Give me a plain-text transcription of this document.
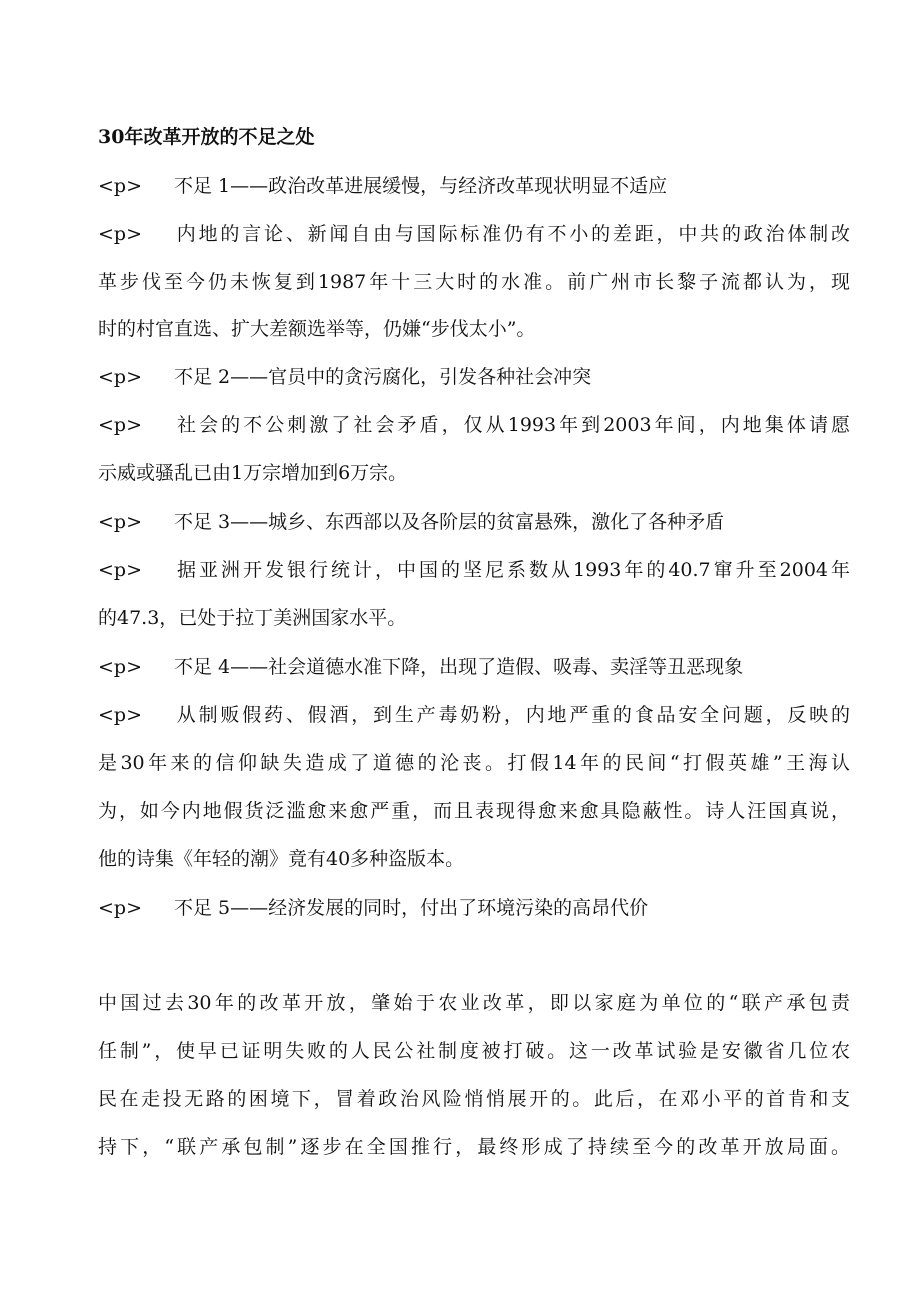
30年改革开放的不足之处
<p> 不足 1——政治改革进展缓慢，与经济改革现状明显不适应
<p> 内地的言论、新闻自由与国际标准仍有不小的差距，中共的政治体制改
革步伐至今仍未恢复到1987年十三大时的水准。前广州市长黎子流都认为，现
时的村官直选、扩大差额选举等，仍嫌“步伐太小”。
<p> 不足 2——官员中的贪污腐化，引发各种社会冲突
<p> 社会的不公刺激了社会矛盾，仅从1993年到2003年间，内地集体请愿
示威或骚乱已由1万宗增加到6万宗。
<p> 不足 3——城乡、东西部以及各阶层的贫富悬殊，激化了各种矛盾
<p> 据亚洲开发银行统计，中国的坚尼系数从1993年的40.7窜升至2004年
的47.3，已处于拉丁美洲国家水平。
<p> 不足 4——社会道德水准下降，出现了造假、吸毒、卖淫等丑恶现象
<p> 从制贩假药、假酒，到生产毒奶粉，内地严重的食品安全问题，反映的
是30年来的信仰缺失造成了道德的沦丧。打假14年的民间“打假英雄”王海认
为，如今内地假货泛滥愈来愈严重，而且表现得愈来愈具隐蔽性。诗人汪国真说，
他的诗集《年轻的潮》竟有40多种盗版本。
<p> 不足 5——经济发展的同时，付出了环境污染的高昂代价
中国过去30年的改革开放，肇始于农业改革，即以家庭为单位的“联产承包责
任制”，使早已证明失败的人民公社制度被打破。这一改革试验是安徽省几位农
民在走投无路的困境下，冒着政治风险悄悄展开的。此后，在邓小平的首肯和支
持下，“联产承包制”逐步在全国推行，最终形成了持续至今的改革开放局面。
